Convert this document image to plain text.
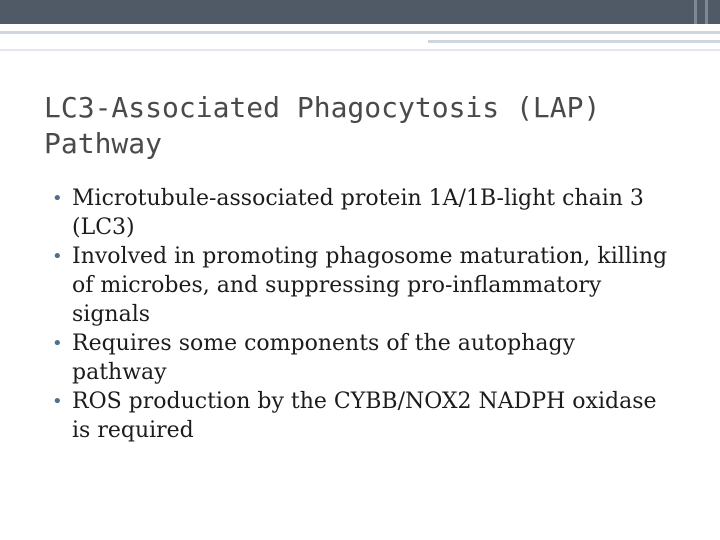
LC3-Associated Phagocytosis (LAP) Pathway
• Microtubule-associated protein 1A/1B-light chain 3 (LC3)
• Involved in promoting phagosome maturation, killing of microbes, and suppressing pro-inflammatory signals
• Requires some components of the autophagy pathway
• ROS production by the CYBB/NOX2 NADPH oxidase is required
